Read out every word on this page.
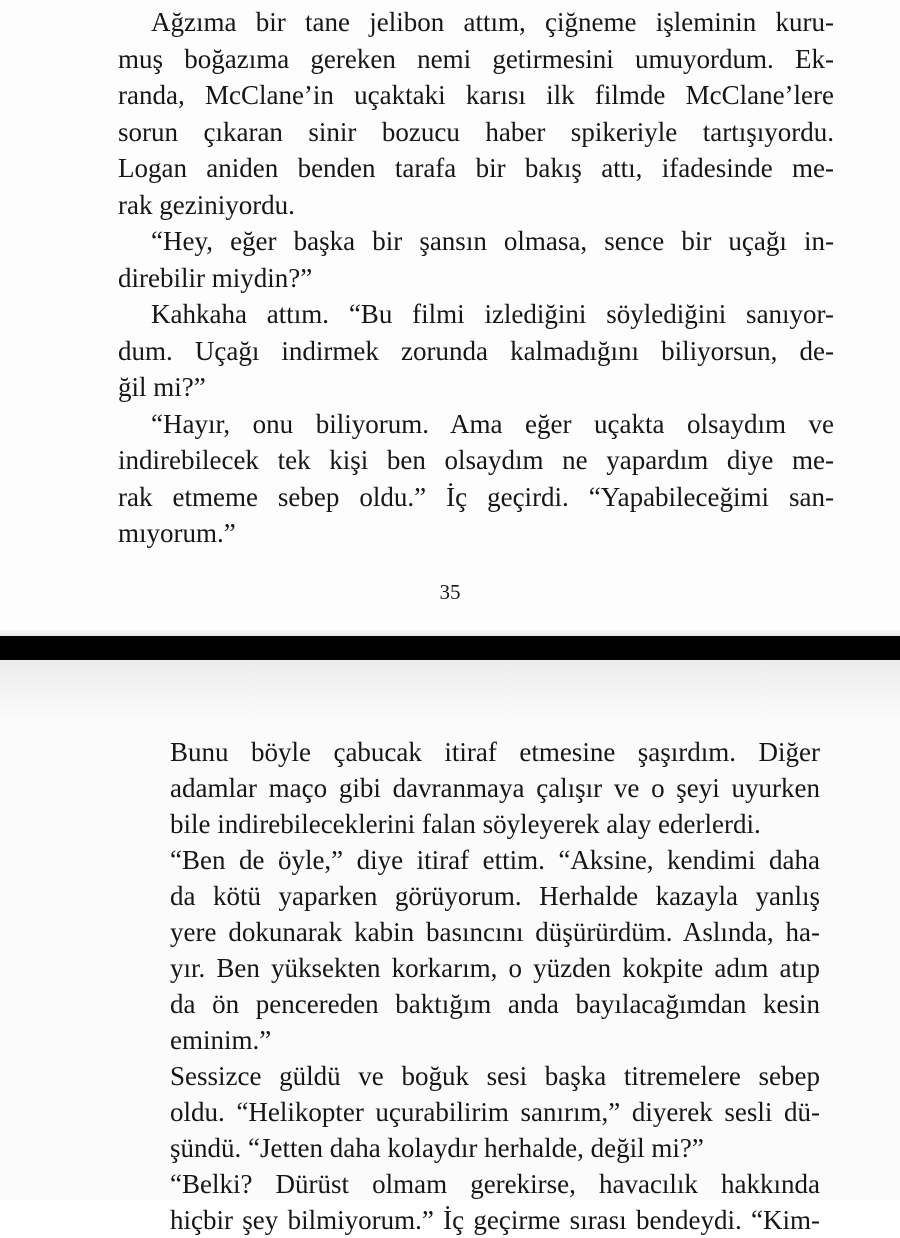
Ağzıma bir tane jelibon attım, çiğneme işleminin kuru-
muş boğazıma gereken nemi getirmesini umuyordum. Ek-
randa, McClane’in uçaktaki karısı ilk filmde McClane’lere
sorun çıkaran sinir bozucu haber spikeriyle tartışıyordu.
Logan aniden benden tarafa bir bakış attı, ifadesinde me-
rak geziniyordu.
“Hey, eğer başka bir şansın olmasa, sence bir uçağı in-
direbilir miydin?”
Kahkaha attım. “Bu filmi izlediğini söylediğini sanıyor-
dum. Uçağı indirmek zorunda kalmadığını biliyorsun, de-
ğil mi?”
“Hayır, onu biliyorum. Ama eğer uçakta olsaydım ve
indirebilecek tek kişi ben olsaydım ne yapardım diye me-
rak etmeme sebep oldu.” İç geçirdi. “Yapabileceğimi san-
mıyorum.”
35
Bunu böyle çabucak itiraf etmesine şaşırdım. Diğer
adamlar maço gibi davranmaya çalışır ve o şeyi uyurken
bile indirebileceklerini falan söyleyerek alay ederlerdi.
“Ben de öyle,” diye itiraf ettim. “Aksine, kendimi daha
da kötü yaparken görüyorum. Herhalde kazayla yanlış
yere dokunarak kabin basıncını düşürürdüm. Aslında, ha-
yır. Ben yüksekten korkarım, o yüzden kokpite adım atıp
da ön pencereden baktığım anda bayılacağımdan kesin
eminim.”
Sessizce güldü ve boğuk sesi başka titremelere sebep
oldu. “Helikopter uçurabilirim sanırım,” diyerek sesli dü-
şündü. “Jetten daha kolaydır herhalde, değil mi?”
“Belki? Dürüst olmam gerekirse, havacılık hakkında
hiçbir şey bilmiyorum.” İç geçirme sırası bendeydi. “Kim-
